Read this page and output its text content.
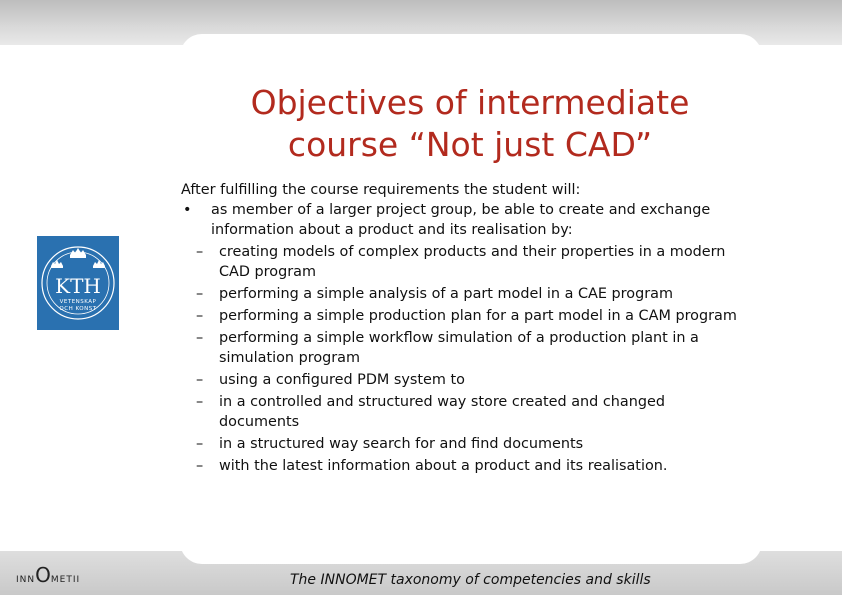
KTH
VETENSKAP
OCH KONST
Objectives of intermediate
course “Not just CAD”

After fulfilling the course requirements the student will:

• as member of a larger project group, be able to create and exchange information about a product and its realisation by:
– creating models of complex products and their properties in a modern CAD program
– performing a simple analysis of a part model in a CAE program
– performing a simple production plan for a part model in a CAM program
– performing a simple workflow simulation of a production plant in a simulation program
– using a configured PDM system to
– in a controlled and structured way store created and changed documents
– in a structured way search for and find documents
– with the latest information about a product and its realisation.
IN N O MET II	The INNOMET taxonomy of competencies and skills
